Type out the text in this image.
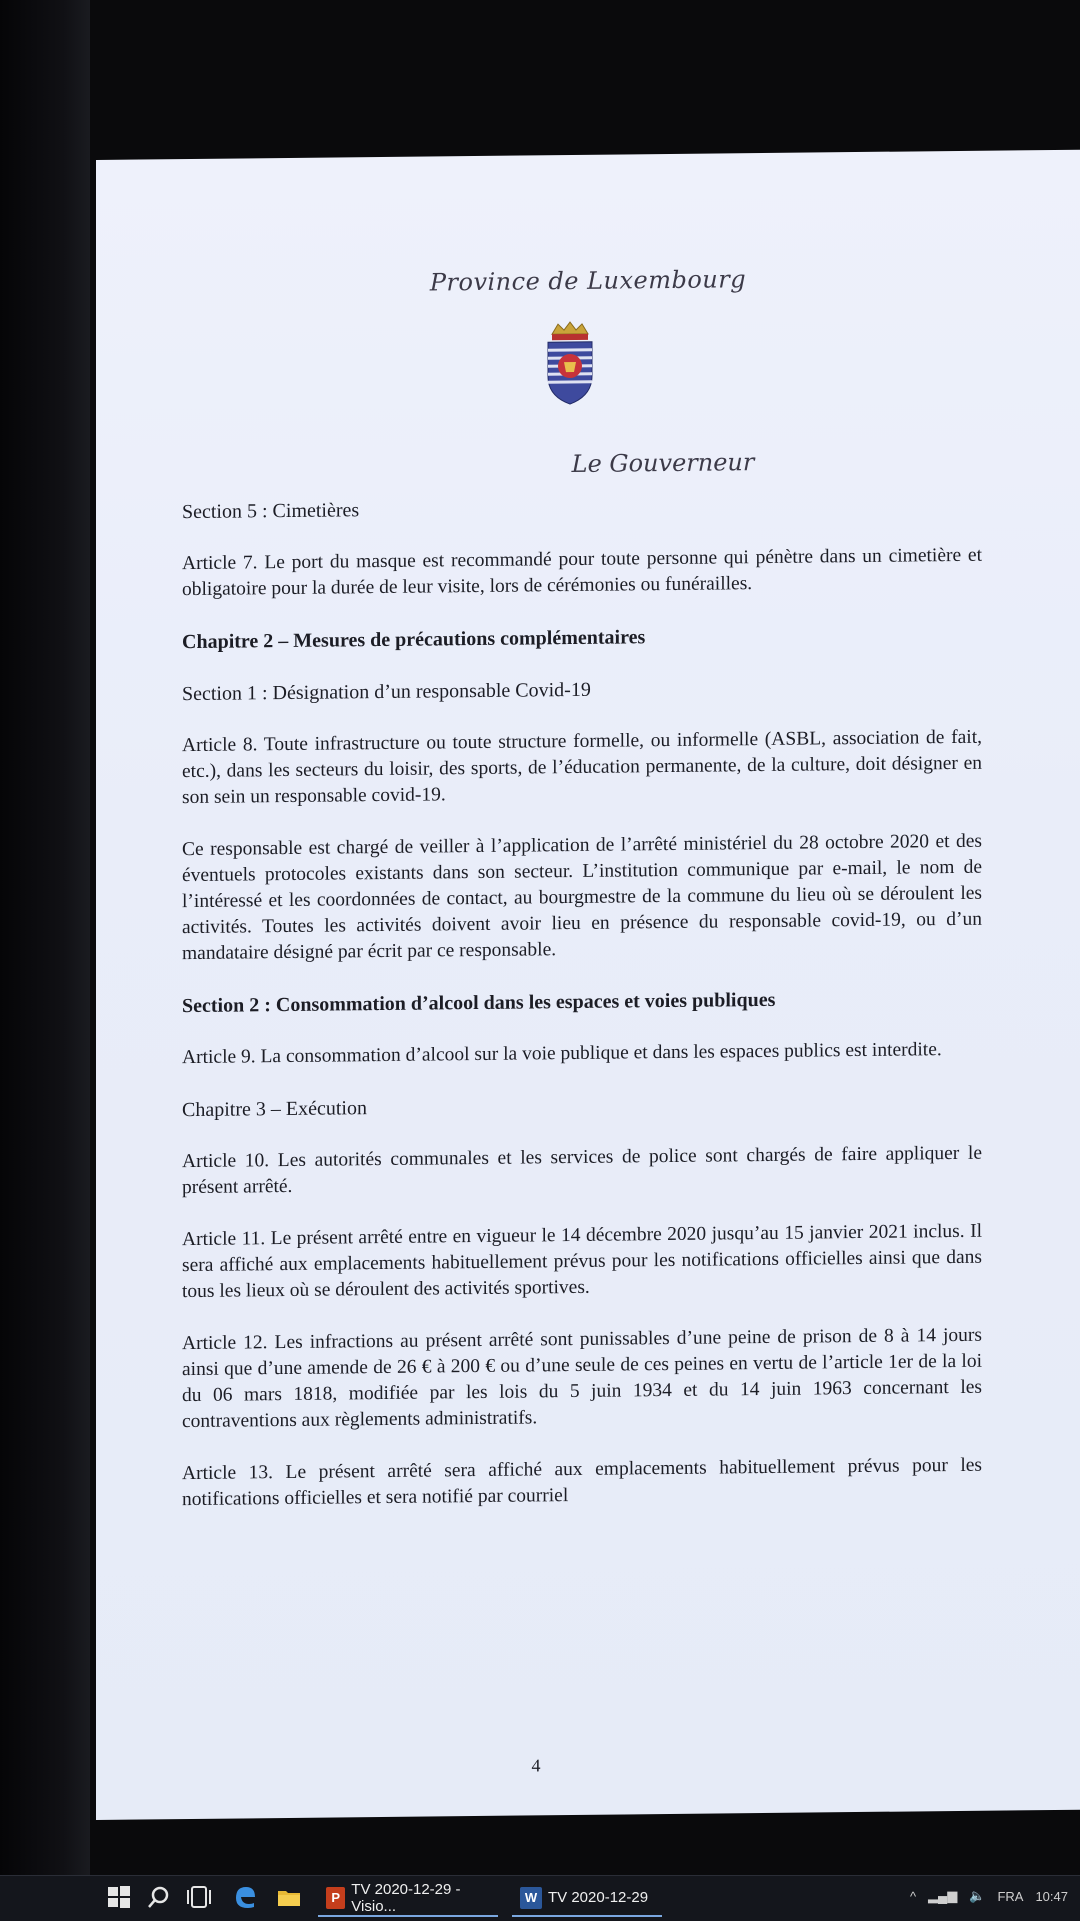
Province de Luxembourg
Le Gouverneur
Section 5 : Cimetières
Article 7. Le port du masque est recommandé pour toute personne qui pénètre dans un cimetière et obligatoire pour la durée de leur visite, lors de cérémonies ou funérailles.
Chapitre 2 – Mesures de précautions complémentaires
Section 1 : Désignation d’un responsable Covid-19
Article 8. Toute infrastructure ou toute structure formelle, ou informelle (ASBL, association de fait, etc.), dans les secteurs du loisir, des sports, de l’éducation permanente, de la culture, doit désigner en son sein un responsable covid-19.
Ce responsable est chargé de veiller à l’application de l’arrêté ministériel du 28 octobre 2020 et des éventuels protocoles existants dans son secteur. L’institution communique par e-mail, le nom de l’intéressé et les coordonnées de contact, au bourgmestre de la commune du lieu où se déroulent les activités. Toutes les activités doivent avoir lieu en présence du responsable covid-19, ou d’un mandataire désigné par écrit par ce responsable.
Section 2 : Consommation d’alcool dans les espaces et voies publiques
Article 9. La consommation d’alcool sur la voie publique et dans les espaces publics est interdite.
Chapitre 3 – Exécution
Article 10. Les autorités communales et les services de police sont chargés de faire appliquer le présent arrêté.
Article 11. Le présent arrêté entre en vigueur le 14 décembre 2020 jusqu’au 15 janvier 2021 inclus. Il sera affiché aux emplacements habituellement prévus pour les notifications officielles ainsi que dans tous les lieux où se déroulent des activités sportives.
Article 12. Les infractions au présent arrêté sont punissables d’une peine de prison de 8 à 14 jours ainsi que d’une amende de 26 € à 200 € ou d’une seule de ces peines en vertu de l’article 1er de la loi du 06 mars 1818, modifiée par les lois du 5 juin 1934 et du 14 juin 1963 concernant les contraventions aux règlements administratifs.
Article 13. Le présent arrêté sera affiché aux emplacements habituellement prévus pour les notifications officielles et sera notifié par courriel
4
P TV 2020-12-29 - Visio...	W TV 2020-12-29	^ ▂▄▆ 🔈 FRA 10:47
